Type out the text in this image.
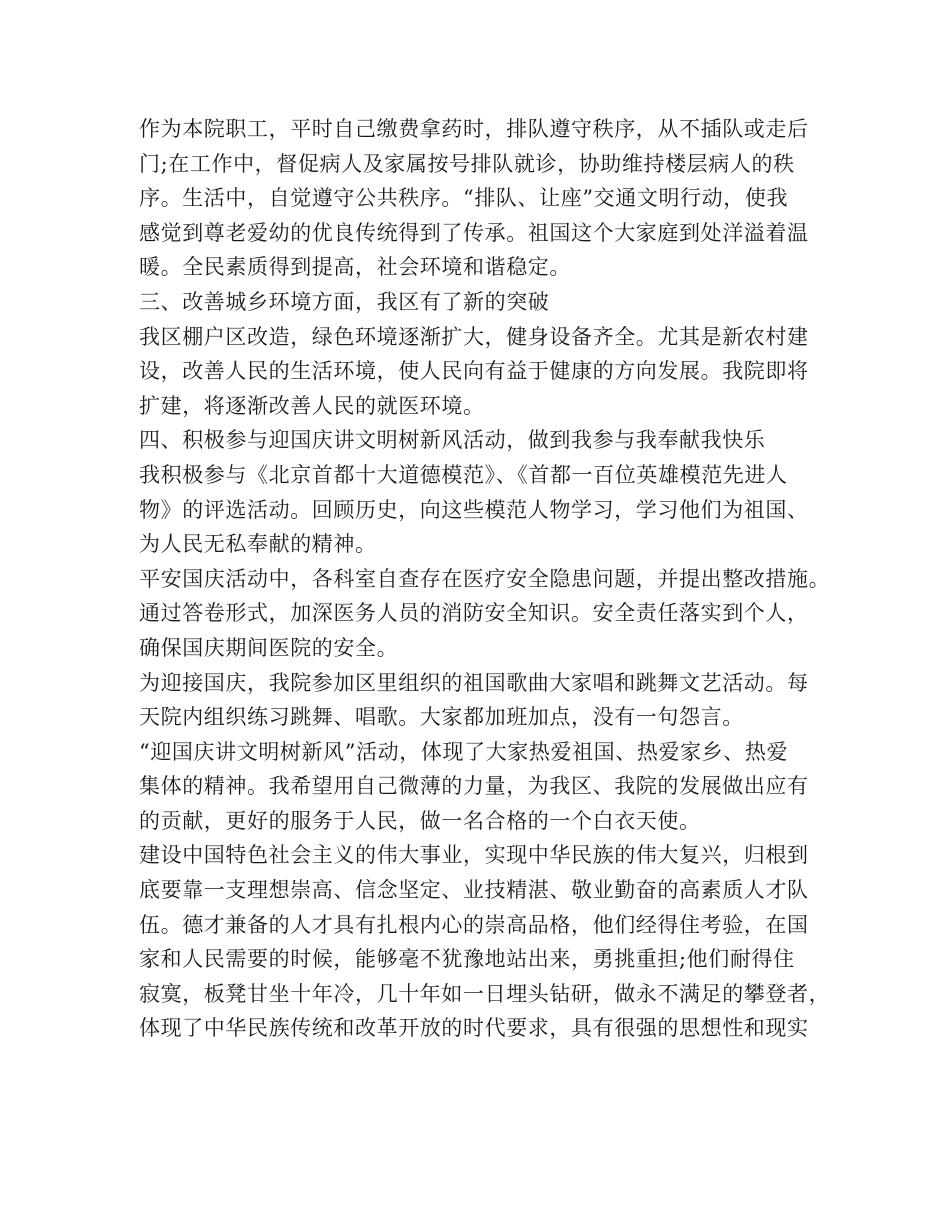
作为本院职工，平时自己缴费拿药时，排队遵守秩序，从不插队或走后
门;在工作中，督促病人及家属按号排队就诊，协助维持楼层病人的秩
序。生活中，自觉遵守公共秩序。“排队、让座”交通文明行动，使我
感觉到尊老爱幼的优良传统得到了传承。祖国这个大家庭到处洋溢着温
暖。全民素质得到提高，社会环境和谐稳定。
三、改善城乡环境方面，我区有了新的突破
我区棚户区改造，绿色环境逐渐扩大，健身设备齐全。尤其是新农村建
设，改善人民的生活环境，使人民向有益于健康的方向发展。我院即将
扩建，将逐渐改善人民的就医环境。
四、积极参与迎国庆讲文明树新风活动，做到我参与我奉献我快乐
我积极参与《北京首都十大道德模范》、《首都一百位英雄模范先进人
物》的评选活动。回顾历史，向这些模范人物学习，学习他们为祖国、
为人民无私奉献的精神。
平安国庆活动中，各科室自查存在医疗安全隐患问题，并提出整改措施。
通过答卷形式，加深医务人员的消防安全知识。安全责任落实到个人，
确保国庆期间医院的安全。
为迎接国庆，我院参加区里组织的祖国歌曲大家唱和跳舞文艺活动。每
天院内组织练习跳舞、唱歌。大家都加班加点，没有一句怨言。
“迎国庆讲文明树新风”活动，体现了大家热爱祖国、热爱家乡、热爱
集体的精神。我希望用自己微薄的力量，为我区、我院的发展做出应有
的贡献，更好的服务于人民，做一名合格的一个白衣天使。
建设中国特色社会主义的伟大事业，实现中华民族的伟大复兴，归根到
底要靠一支理想崇高、信念坚定、业技精湛、敬业勤奋的高素质人才队
伍。德才兼备的人才具有扎根内心的崇高品格，他们经得住考验，在国
家和人民需要的时候，能够毫不犹豫地站出来，勇挑重担;他们耐得住
寂寞，板凳甘坐十年冷，几十年如一日埋头钻研，做永不满足的攀登者，
体现了中华民族传统和改革开放的时代要求，具有很强的思想性和现实
